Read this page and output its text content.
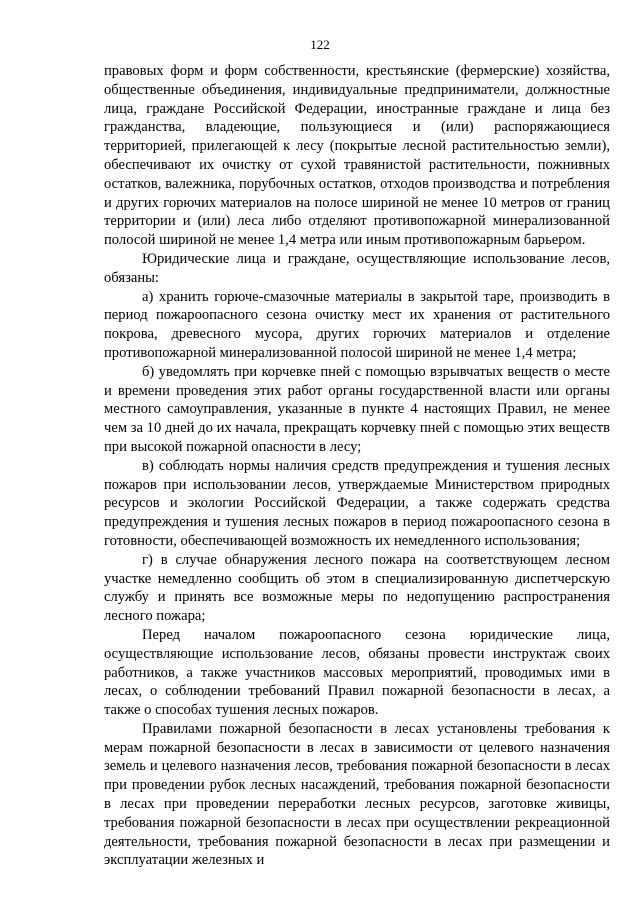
122

правовых форм и форм собственности, крестьянские (фермерские) хозяйства, общественные объединения, индивидуальные предприниматели, должностные лица, граждане Российской Федерации, иностранные граждане и лица без гражданства, владеющие, пользующиеся и (или) распоряжающиеся территорией, прилегающей к лесу (покрытые лесной растительностью земли), обеспечивают их очистку от сухой травянистой растительности, пожнивных остатков, валежника, порубочных остатков, отходов производства и потребления и других горючих материалов на полосе шириной не менее 10 метров от границ территории и (или) леса либо отделяют противопожарной минерализованной полосой шириной не менее 1,4 метра или иным противопожарным барьером.

Юридические лица и граждане, осуществляющие использование лесов, обязаны:

а) хранить горюче-смазочные материалы в закрытой таре, производить в период пожароопасного сезона очистку мест их хранения от растительного покрова, древесного мусора, других горючих материалов и отделение противопожарной минерализованной полосой шириной не менее 1,4 метра;

б) уведомлять при корчевке пней с помощью взрывчатых веществ о месте и времени проведения этих работ органы государственной власти или органы местного самоуправления, указанные в пункте 4 настоящих Правил, не менее чем за 10 дней до их начала, прекращать корчевку пней с помощью этих веществ при высокой пожарной опасности в лесу;

в) соблюдать нормы наличия средств предупреждения и тушения лесных пожаров при использовании лесов, утверждаемые Министерством природных ресурсов и экологии Российской Федерации, а также содержать средства предупреждения и тушения лесных пожаров в период пожароопасного сезона в готовности, обеспечивающей возможность их немедленного использования;

г) в случае обнаружения лесного пожара на соответствующем лесном участке немедленно сообщить об этом в специализированную диспетчерскую службу и принять все возможные меры по недопущению распространения лесного пожара;

Перед началом пожароопасного сезона юридические лица, осуществляющие использование лесов, обязаны провести инструктаж своих работников, а также участников массовых мероприятий, проводимых ими в лесах, о соблюдении требований Правил пожарной безопасности в лесах, а также о способах тушения лесных пожаров.

Правилами пожарной безопасности в лесах установлены требования к мерам пожарной безопасности в лесах в зависимости от целевого назначения земель и целевого назначения лесов, требования пожарной безопасности в лесах при проведении рубок лесных насаждений, требования пожарной безопасности в лесах при проведении переработки лесных ресурсов, заготовке живицы, требования пожарной безопасности в лесах при осуществлении рекреационной деятельности, требования пожарной безопасности в лесах при размещении и эксплуатации железных и
